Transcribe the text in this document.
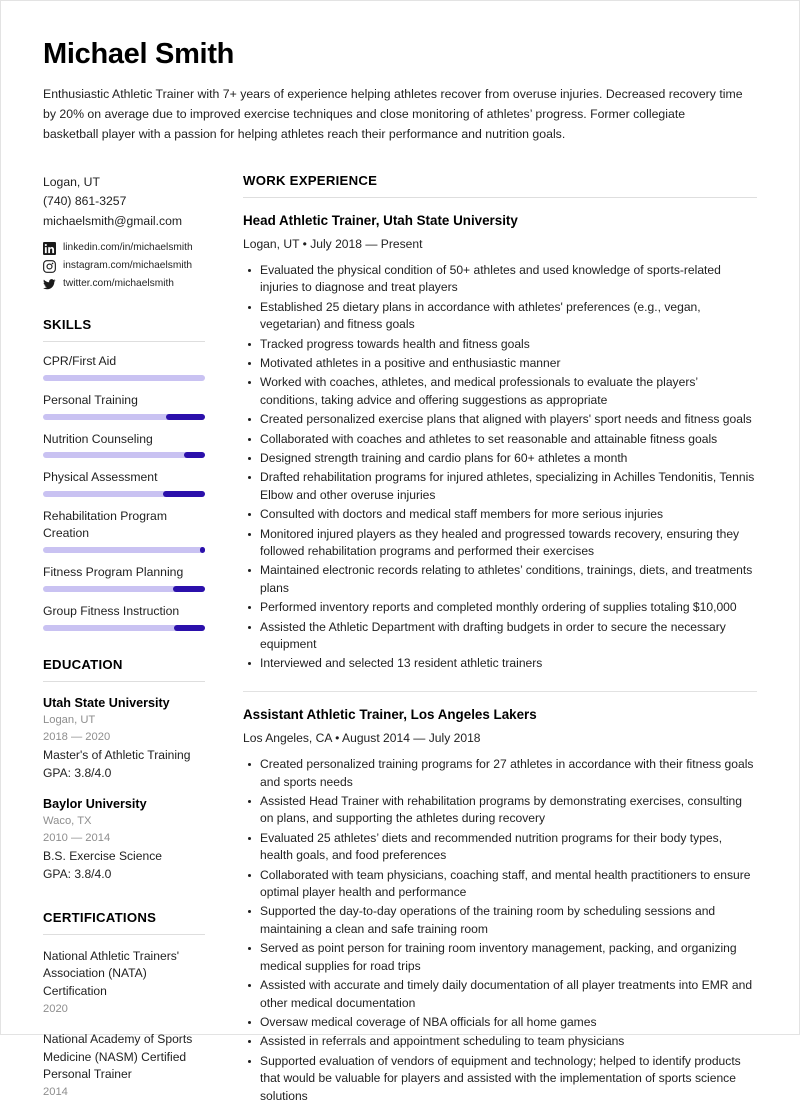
Michael Smith

Enthusiastic Athletic Trainer with 7+ years of experience helping athletes recover from overuse injuries. Decreased recovery time by 20% on average due to improved exercise techniques and close monitoring of athletes’ progress. Former collegiate basketball player with a passion for helping athletes reach their performance and nutrition goals.

Logan, UT
(740) 861-3257
michaelsmith@gmail.com
linkedin.com/in/michaelsmith
instagram.com/michaelsmith
twitter.com/michaelsmith
SKILLS
CPR/First Aid
Personal Training
Nutrition Counseling
Physical Assessment
Rehabilitation Program Creation
Fitness Program Planning
Group Fitness Instruction
EDUCATION
Utah State University
Logan, UT
2018 — 2020
Master's of Athletic Training
GPA: 3.8/4.0
Baylor University
Waco, TX
2010 — 2014
B.S. Exercise Science
GPA: 3.8/4.0
CERTIFICATIONS
National Athletic Trainers' Association (NATA) Certification
2020
National Academy of Sports Medicine (NASM) Certified Personal Trainer
2014
WORK EXPERIENCE
Head Athletic Trainer, Utah State University
Logan, UT • July 2018 — Present
Evaluated the physical condition of 50+ athletes and used knowledge of sports-related injuries to diagnose and treat players
Established 25 dietary plans in accordance with athletes' preferences (e.g., vegan, vegetarian) and fitness goals
Tracked progress towards health and fitness goals
Motivated athletes in a positive and enthusiastic manner
Worked with coaches, athletes, and medical professionals to evaluate the players’ conditions, taking advice and offering suggestions as appropriate
Created personalized exercise plans that aligned with players' sport needs and fitness goals
Collaborated with coaches and athletes to set reasonable and attainable fitness goals
Designed strength training and cardio plans for 60+ athletes a month
Drafted rehabilitation programs for injured athletes, specializing in Achilles Tendonitis, Tennis Elbow and other overuse injuries
Consulted with doctors and medical staff members for more serious injuries
Monitored injured players as they healed and progressed towards recovery, ensuring they followed rehabilitation programs and performed their exercises
Maintained electronic records relating to athletes’ conditions, trainings, diets, and treatments plans
Performed inventory reports and completed monthly ordering of supplies totaling $10,000
Assisted the Athletic Department with drafting budgets in order to secure the necessary equipment
Interviewed and selected 13 resident athletic trainers
Assistant Athletic Trainer, Los Angeles Lakers
Los Angeles, CA • August 2014 — July 2018
Created personalized training programs for 27 athletes in accordance with their fitness goals and sports needs
Assisted Head Trainer with rehabilitation programs by demonstrating exercises, consulting on plans, and supporting the athletes during recovery
Evaluated 25 athletes’ diets and recommended nutrition programs for their body types, health goals, and food preferences
Collaborated with team physicians, coaching staff, and mental health practitioners to ensure optimal player health and performance
Supported the day-to-day operations of the training room by scheduling sessions and maintaining a clean and safe training room
Served as point person for training room inventory management, packing, and organizing medical supplies for road trips
Assisted with accurate and timely daily documentation of all player treatments into EMR and other medical documentation
Oversaw medical coverage of NBA officials for all home games
Assisted in referrals and appointment scheduling to team physicians
Supported evaluation of vendors of equipment and technology; helped to identify products that would be valuable for players and assisted with the implementation of sports science solutions
